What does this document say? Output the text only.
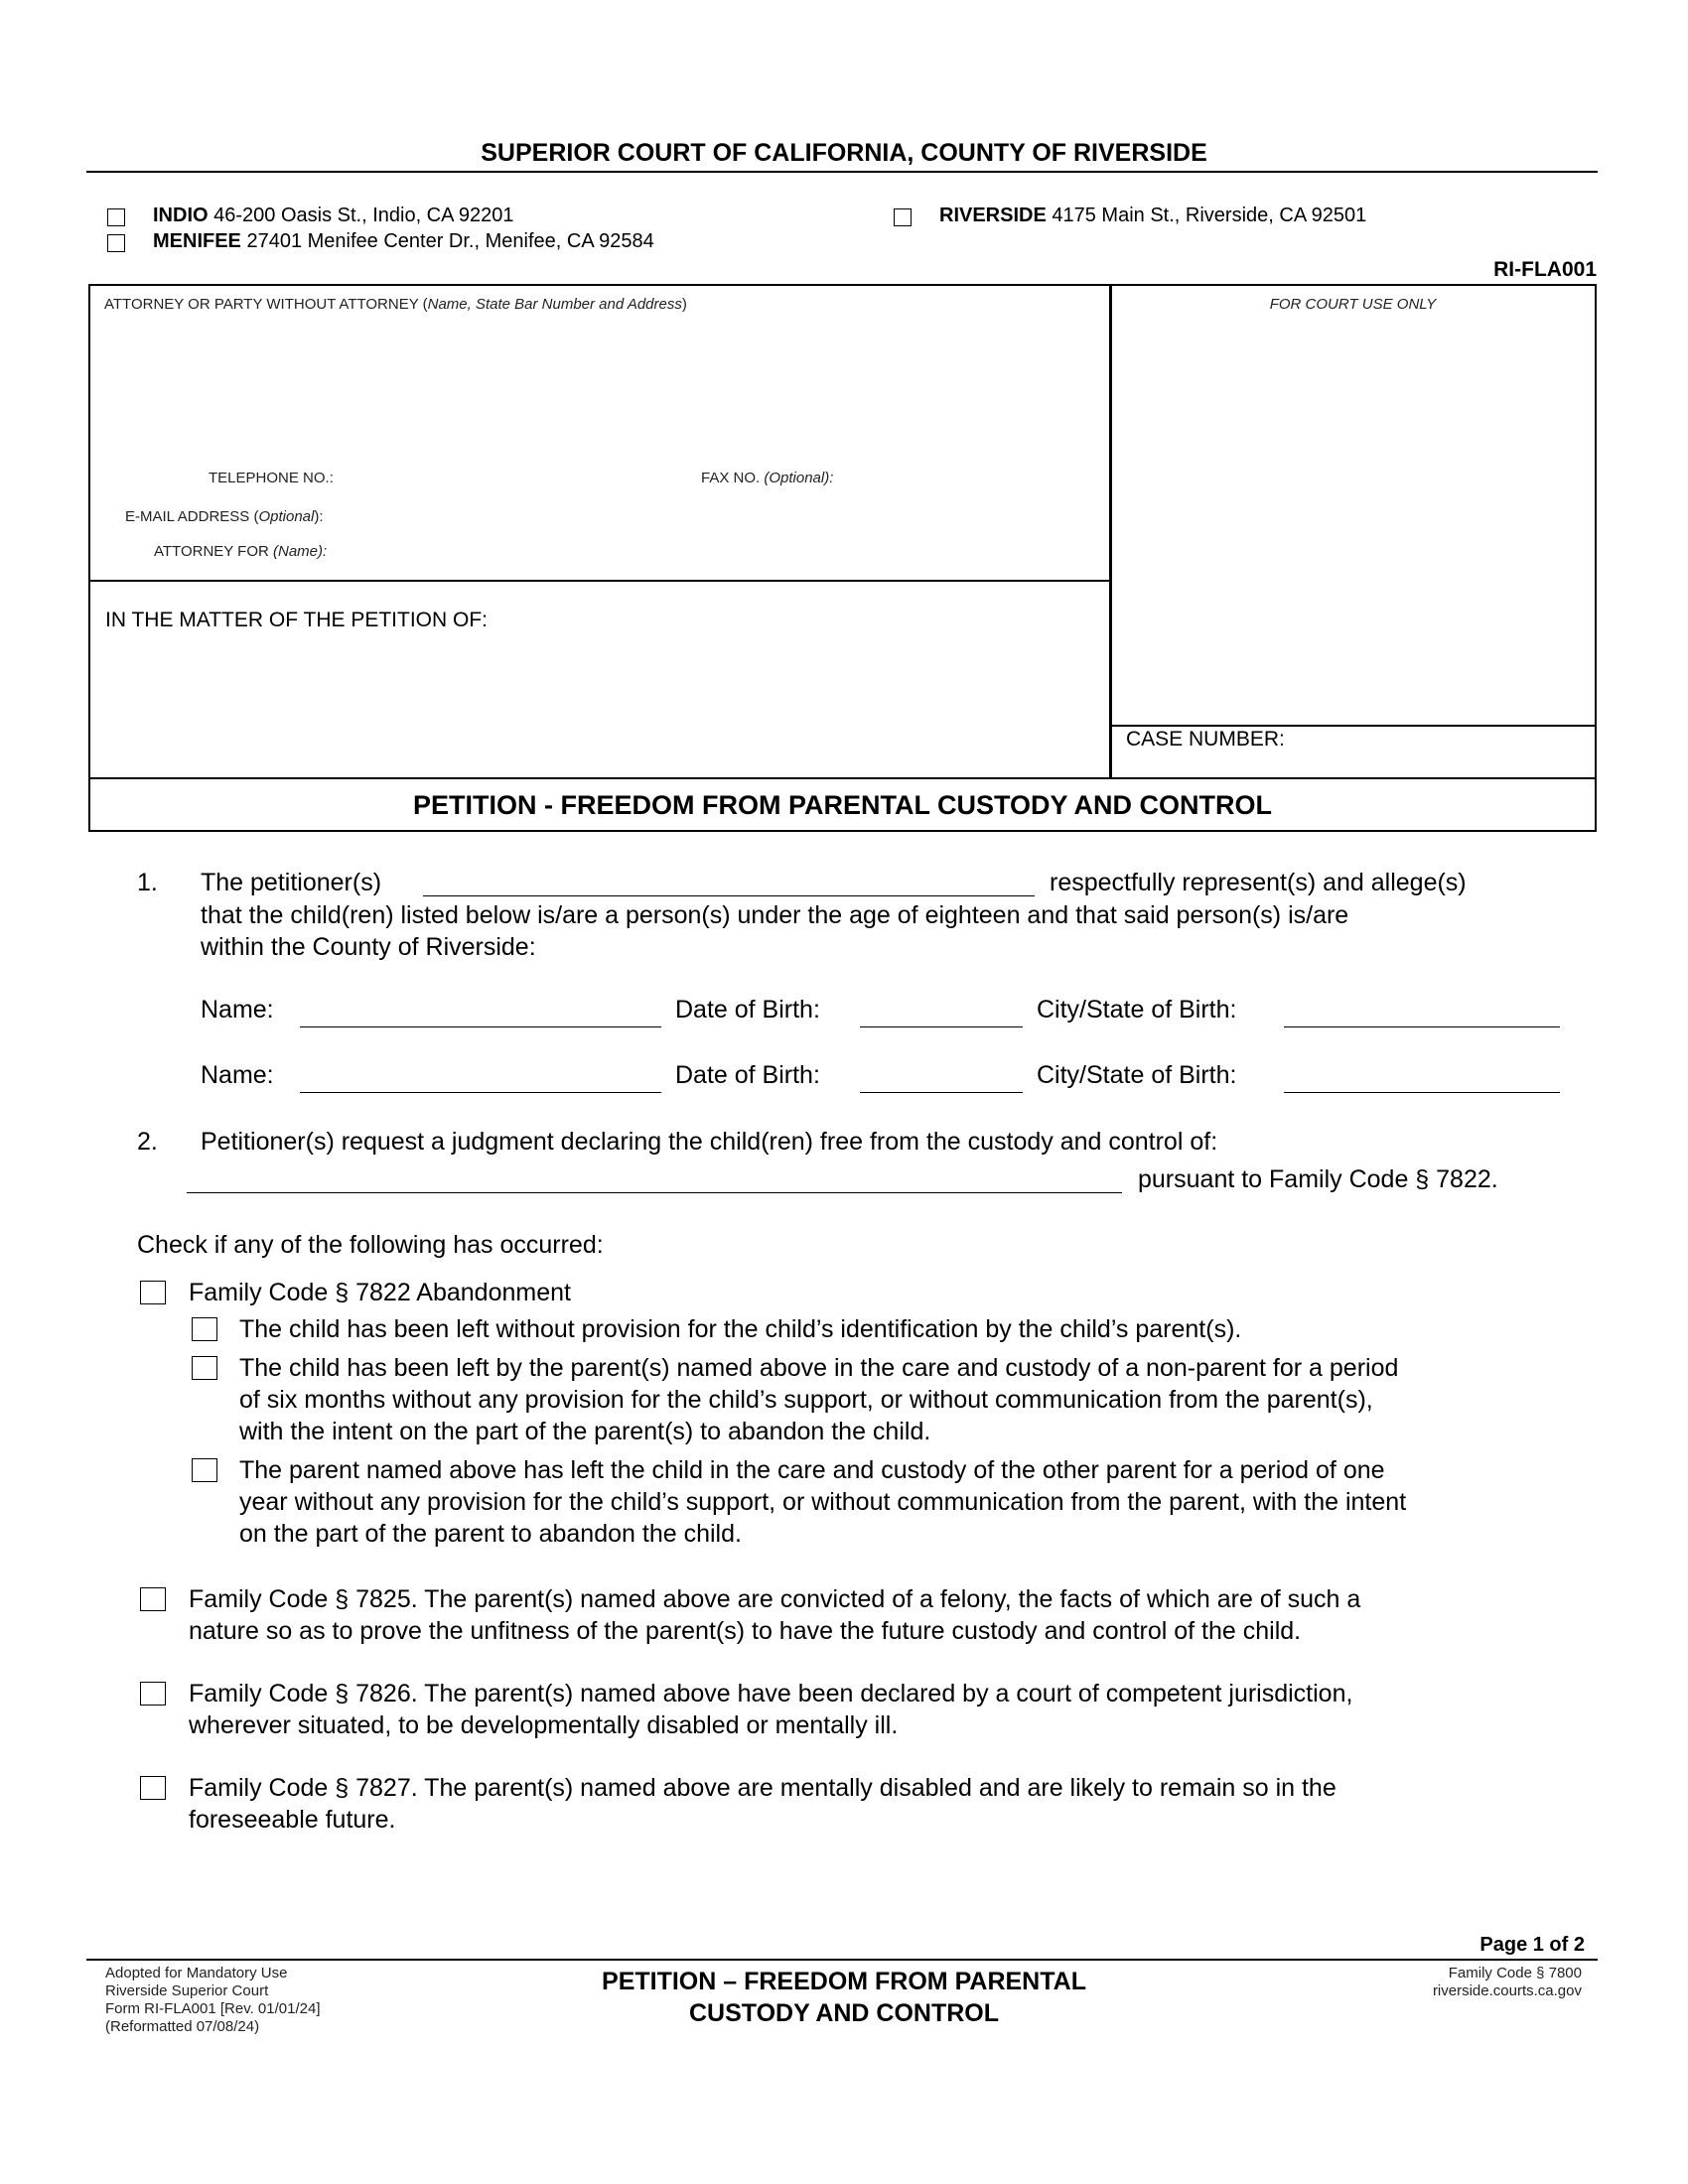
SUPERIOR COURT OF CALIFORNIA, COUNTY OF RIVERSIDE
INDIO 46-200 Oasis St., Indio, CA 92201
MENIFEE 27401 Menifee Center Dr., Menifee, CA 92584
RIVERSIDE 4175 Main St., Riverside, CA 92501
RI-FLA001
ATTORNEY OR PARTY WITHOUT ATTORNEY (Name, State Bar Number and Address)	FOR COURT USE ONLY
TELEPHONE NO.:	FAX NO. (Optional):
E-MAIL ADDRESS (Optional):
ATTORNEY FOR (Name):
IN THE MATTER OF THE PETITION OF:
CASE NUMBER:
PETITION - FREEDOM FROM PARENTAL CUSTODY AND CONTROL
1. The petitioner(s)	respectfully represent(s) and allege(s)
that the child(ren) listed below is/are a person(s) under the age of eighteen and that said person(s) is/are
within the County of Riverside:
Name:	Date of Birth:	City/State of Birth:
Name:	Date of Birth:	City/State of Birth:
2. Petitioner(s) request a judgment declaring the child(ren) free from the custody and control of:
pursuant to Family Code § 7822.
Check if any of the following has occurred:
Family Code § 7822 Abandonment
The child has been left without provision for the child’s identification by the child’s parent(s).
The child has been left by the parent(s) named above in the care and custody of a non-parent for a period
of six months without any provision for the child’s support, or without communication from the parent(s),
with the intent on the part of the parent(s) to abandon the child.
The parent named above has left the child in the care and custody of the other parent for a period of one
year without any provision for the child’s support, or without communication from the parent, with the intent
on the part of the parent to abandon the child.
Family Code § 7825. The parent(s) named above are convicted of a felony, the facts of which are of such a
nature so as to prove the unfitness of the parent(s) to have the future custody and control of the child.
Family Code § 7826. The parent(s) named above have been declared by a court of competent jurisdiction,
wherever situated, to be developmentally disabled or mentally ill.
Family Code § 7827. The parent(s) named above are mentally disabled and are likely to remain so in the
foreseeable future.
Page 1 of 2
Adopted for Mandatory Use
Riverside Superior Court
Form RI-FLA001 [Rev. 01/01/24]
(Reformatted 07/08/24)
PETITION – FREEDOM FROM PARENTAL
CUSTODY AND CONTROL
Family Code § 7800
riverside.courts.ca.gov
